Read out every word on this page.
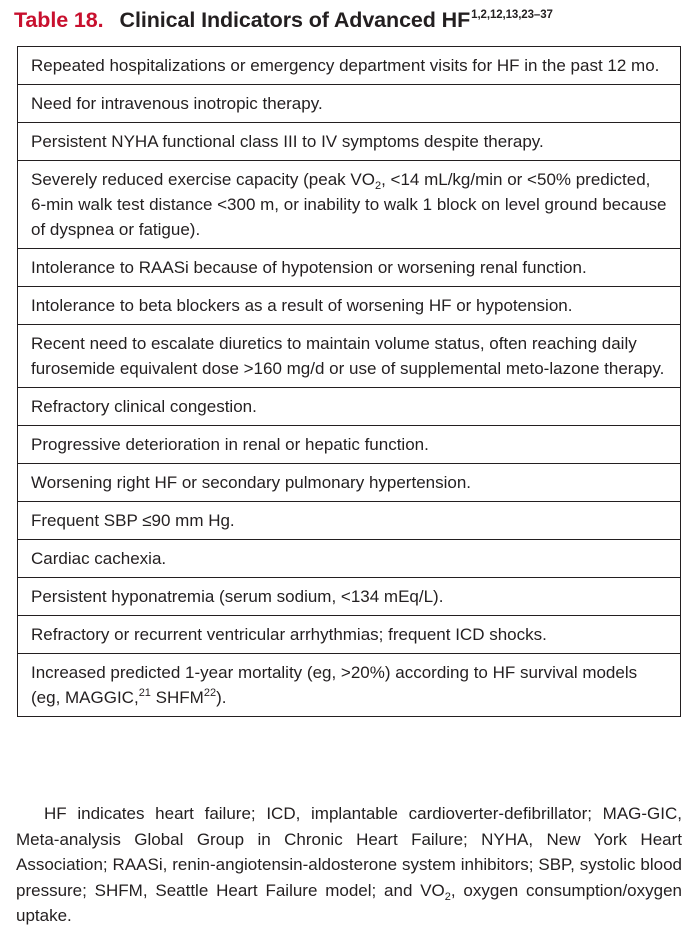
Table 18. Clinical Indicators of Advanced HF$^{1,2,12,13,23-37}$
Repeated hospitalizations or emergency department visits for HF in the past 12 mo.
Need for intravenous inotropic therapy.
Persistent NYHA functional class III to IV symptoms despite therapy.
Severely reduced exercise capacity (peak $VO_2$, <14 mL/kg/min or <50% predicted, 6-min walk test distance <300 m, or inability to walk 1 block on level ground because of dyspnea or fatigue).
Intolerance to RAASi because of hypotension or worsening renal function.
Intolerance to beta blockers as a result of worsening HF or hypotension.
Recent need to escalate diuretics to maintain volume status, often reaching daily furosemide equivalent dose >160 mg/d or use of supplemental meto-lazone therapy.
Refractory clinical congestion.
Progressive deterioration in renal or hepatic function.
Worsening right HF or secondary pulmonary hypertension.
Frequent SBP ≤90 mm Hg.
Cardiac cachexia.
Persistent hyponatremia (serum sodium, <134 mEq/L).
Refractory or recurrent ventricular arrhythmias; frequent ICD shocks.
Increased predicted 1-year mortality (eg, >20%) according to HF survival models (eg, MAGGIC,$^{21}$ SHFM$^{22}$).
HF indicates heart failure; ICD, implantable cardioverter-defibrillator; MAG-GIC, Meta-analysis Global Group in Chronic Heart Failure; NYHA, New York Heart Association; RAASi, renin-angiotensin-aldosterone system inhibitors; SBP, systolic blood pressure; SHFM, Seattle Heart Failure model; and $VO_2$, oxygen consumption/oxygen uptake.
